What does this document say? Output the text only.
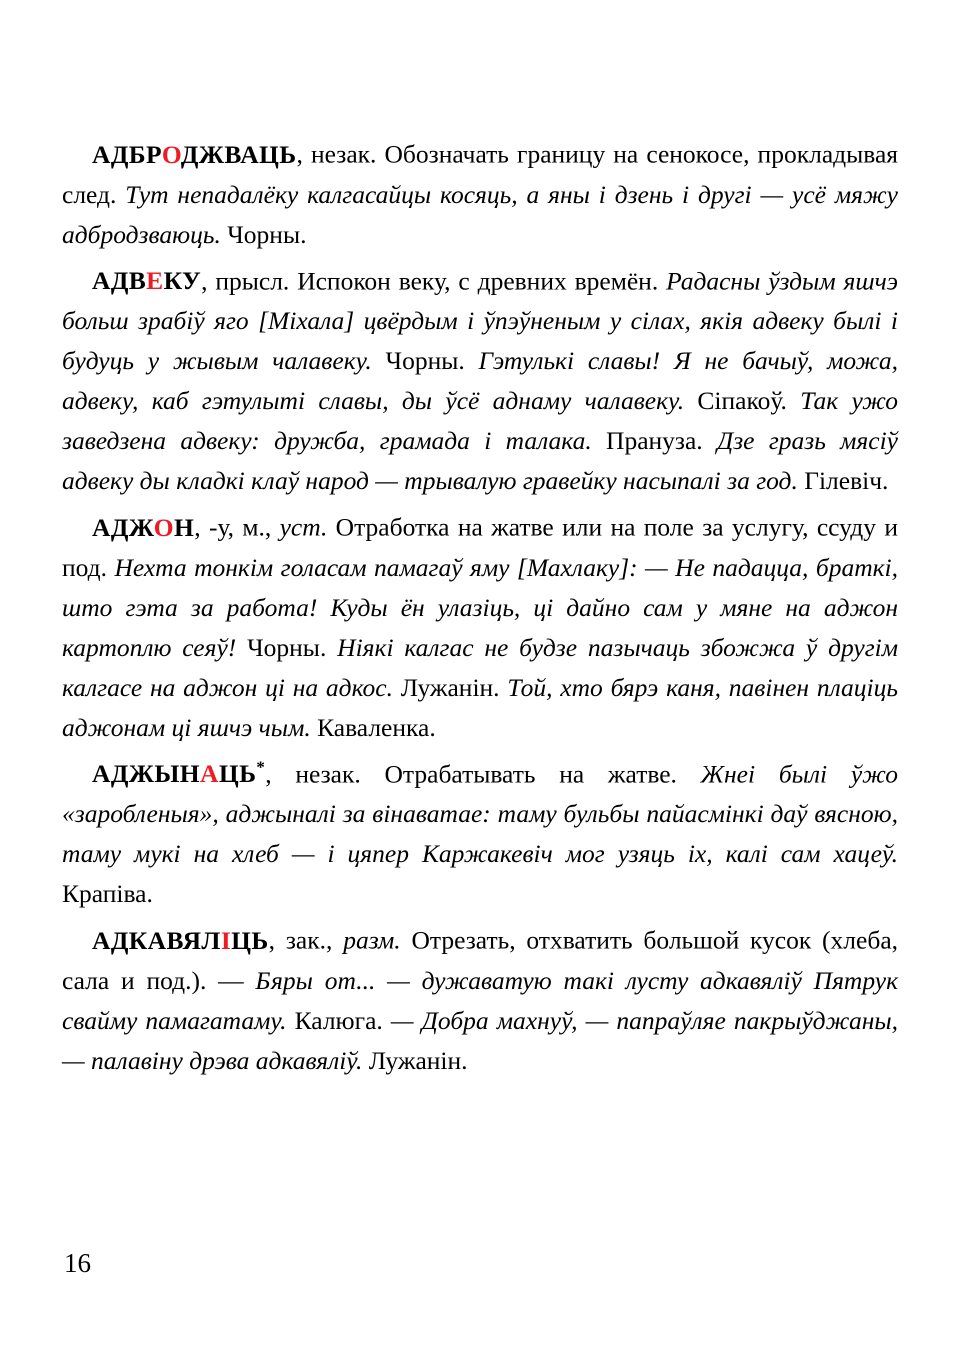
АДБРОДЖВАЦЬ, незак. Обозначать границу на сенокосе, прокладывая след. Тут непадалёку калгасайцы косяць, а яны і дзень і другі — усё мяжу адбродзваюць. Чорны.

АДВЕКУ, прысл. Испокон веку, с древних времён. Радасны ўздым яшчэ больш зрабіў яго [Міхала] цвёрдым і ўпэўненым у сілах, якія адвеку былі і будуць у жывым чалавеку. Чорны. Гэтулькі славы! Я не бачыў, можа, адвеку, каб гэтулыті славы, ды ўсё аднаму чалавеку. Сіпакоў. Так ужо заведзена адвеку: дружба, грамада і талака. Прануза. Дзе гразь мясіў адвеку ды кладкі клаў народ — трывалую гравейку насыпалі за год. Гілевіч.

АДЖОН, -у, м., уст. Отработка на жатве или на поле за услугу, ссуду и под. Нехта тонкім голасам памагаў яму [Махлаку]: — Не падацца, браткі, што гэта за работа! Куды ён улазіць, ці дайно сам у мяне на аджон картоплю сеяў! Чорны. Ніякі калгас не будзе пазычаць збожжа ў другім калгасе на аджон ці на адкос. Лужанін. Той, хто бярэ каня, павінен плаціць аджонам ці яшчэ чым. Каваленка.

АДЖЫНАЦЬ*, незак. Отрабатывать на жатве. Жнеі былі ўжо «заробленыя», аджыналі за вінаватае: таму бульбы пайасмінкі даў вясною, таму мукі на хлеб — і цяпер Каржакевіч мог узяць іх, калі сам хацеў. Крапіва.

АДКАВЯЛІЦЬ, зак., разм. Отрезать, отхватить большой кусок (хлеба, сала и под.). — Бяры от... — дужаватую такі лусту адкавяліў Пятрук свайму памагатаму. Калюга. — Добра махнуў, — папраўляе пакрыўджаны, — палавіну дрэва адкавяліў. Лужанін.

16
